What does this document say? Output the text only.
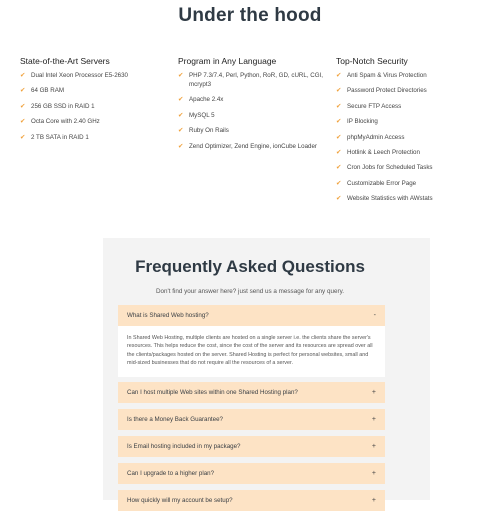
Under the hood
State-of-the-Art Servers
✔ Dual Intel Xeon Processor E5-2630
✔ 64 GB RAM
✔ 256 GB SSD in RAID 1
✔ Octa Core with 2.40 GHz
✔ 2 TB SATA in RAID 1
Program in Any Language
✔ PHP 7.3/7.4, Perl, Python, RoR, GD, cURL, CGI, mcrypt3
✔ Apache 2.4x
✔ MySQL 5
✔ Ruby On Rails
✔ Zend Optimizer, Zend Engine, ionCube Loader
Top-Notch Security
✔ Anti Spam & Virus Protection
✔ Password Protect Directories
✔ Secure FTP Access
✔ IP Blocking
✔ phpMyAdmin Access
✔ Hotlink & Leech Protection
✔ Cron Jobs for Scheduled Tasks
✔ Customizable Error Page
✔ Website Statistics with AWstats
Frequently Asked Questions
Don't find your answer here? just send us a message for any query.
What is Shared Web hosting?	-
In Shared Web Hosting, multiple clients are hosted on a single server i.e. the clients share the server's resources. This helps reduce the cost, since the cost of the server and its resources are spread over all the clients/packages hosted on the server. Shared Hosting is perfect for personal websites, small and mid-sized businesses that do not require all the resources of a server.
Can I host multiple Web sites within one Shared Hosting plan?	+
Is there a Money Back Guarantee?	+
Is Email hosting included in my package?	+
Can I upgrade to a higher plan?	+
How quickly will my account be setup?	+
